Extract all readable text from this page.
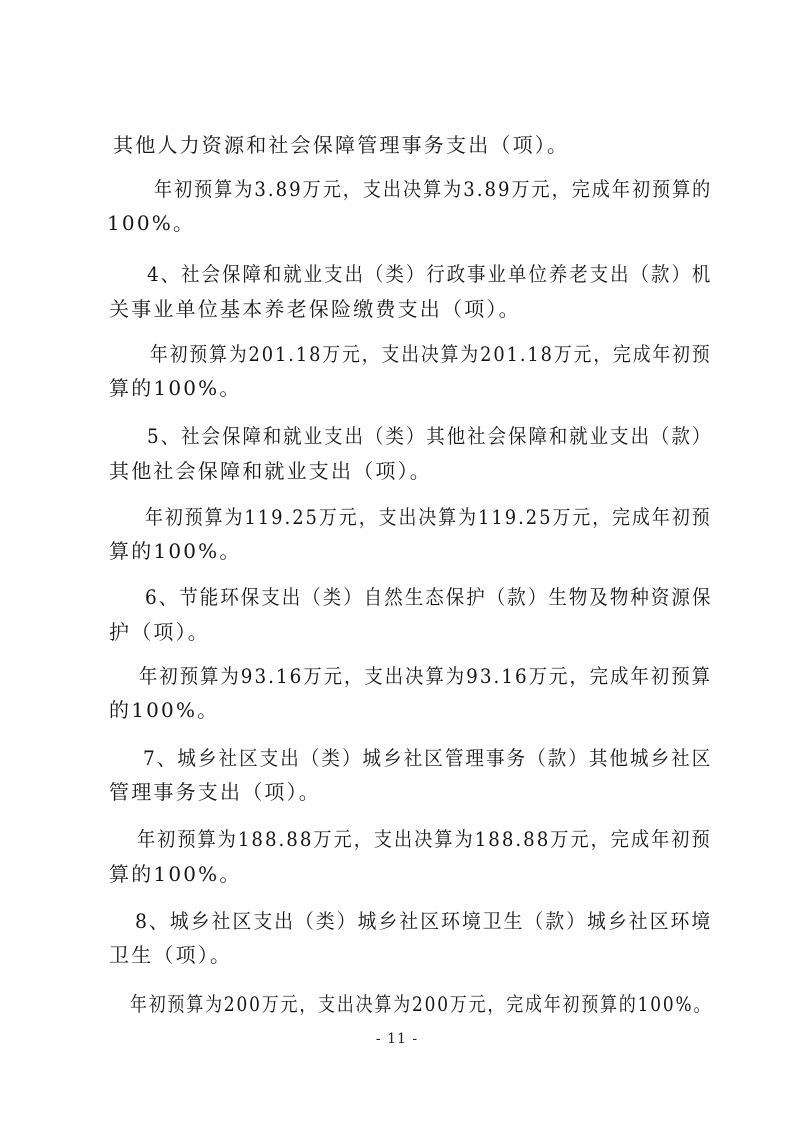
其他人力资源和社会保障管理事务支出（项）。
年初预算为3.89万元，支出决算为3.89万元，完成年初预算的
100%。
4、社会保障和就业支出（类）行政事业单位养老支出（款）机
关事业单位基本养老保险缴费支出（项）。
年初预算为201.18万元，支出决算为201.18万元，完成年初预
算的100%。
5、社会保障和就业支出（类）其他社会保障和就业支出（款）
其他社会保障和就业支出（项）。
年初预算为119.25万元，支出决算为119.25万元，完成年初预
算的100%。
6、节能环保支出（类）自然生态保护（款）生物及物种资源保
护（项）。
年初预算为93.16万元，支出决算为93.16万元，完成年初预算
的100%。
7、城乡社区支出（类）城乡社区管理事务（款）其他城乡社区
管理事务支出（项）。
年初预算为188.88万元，支出决算为188.88万元，完成年初预
算的100%。
8、城乡社区支出（类）城乡社区环境卫生（款）城乡社区环境
卫生（项）。
年初预算为200万元，支出决算为200万元，完成年初预算的100%。
- 11 -
